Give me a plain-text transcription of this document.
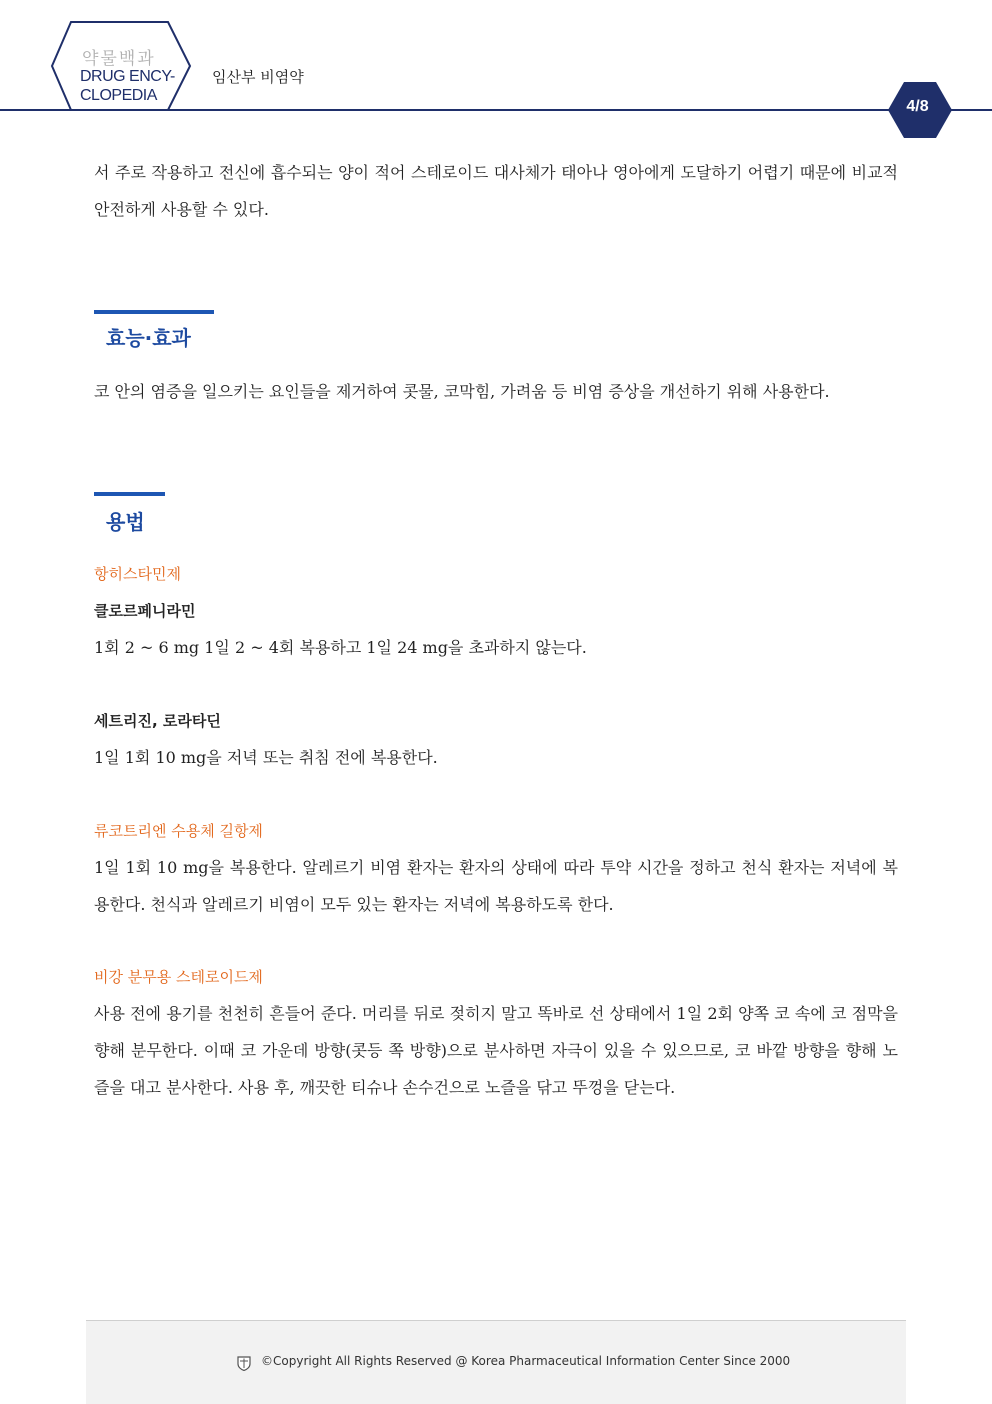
약물백과
DRUG ENCY-
CLOPEDIA
임산부 비염약
4/8

서 주로 작용하고 전신에 흡수되는 양이 적어 스테로이드 대사체가 태아나 영아에게 도달하기 어렵기 때문에 비교적 안전하게 사용할 수 있다.

효능·효과

코 안의 염증을 일으키는 요인들을 제거하여 콧물, 코막힘, 가려움 등 비염 증상을 개선하기 위해 사용한다.

용법
항히스타민제
클로르페니라민

1회 2 ~ 6 mg 1일 2 ~ 4회 복용하고 1일 24 mg을 초과하지 않는다.

세트리진, 로라타딘

1일 1회 10 mg을 저녁 또는 취침 전에 복용한다.

류코트리엔 수용체 길항제

1일 1회 10 mg을 복용한다. 알레르기 비염 환자는 환자의 상태에 따라 투약 시간을 정하고 천식 환자는 저녁에 복용한다. 천식과 알레르기 비염이 모두 있는 환자는 저녁에 복용하도록 한다.

비강 분무용 스테로이드제

사용 전에 용기를 천천히 흔들어 준다. 머리를 뒤로 젖히지 말고 똑바로 선 상태에서 1일 2회 양쪽 코 속에 코 점막을 향해 분무한다. 이때 코 가운데 방향(콧등 쪽 방향)으로 분사하면 자극이 있을 수 있으므로, 코 바깥 방향을 향해 노즐을 대고 분사한다. 사용 후, 깨끗한 티슈나 손수건으로 노즐을 닦고 뚜껑을 닫는다.

©Copyright All Rights Reserved @ Korea Pharmaceutical Information Center Since 2000
